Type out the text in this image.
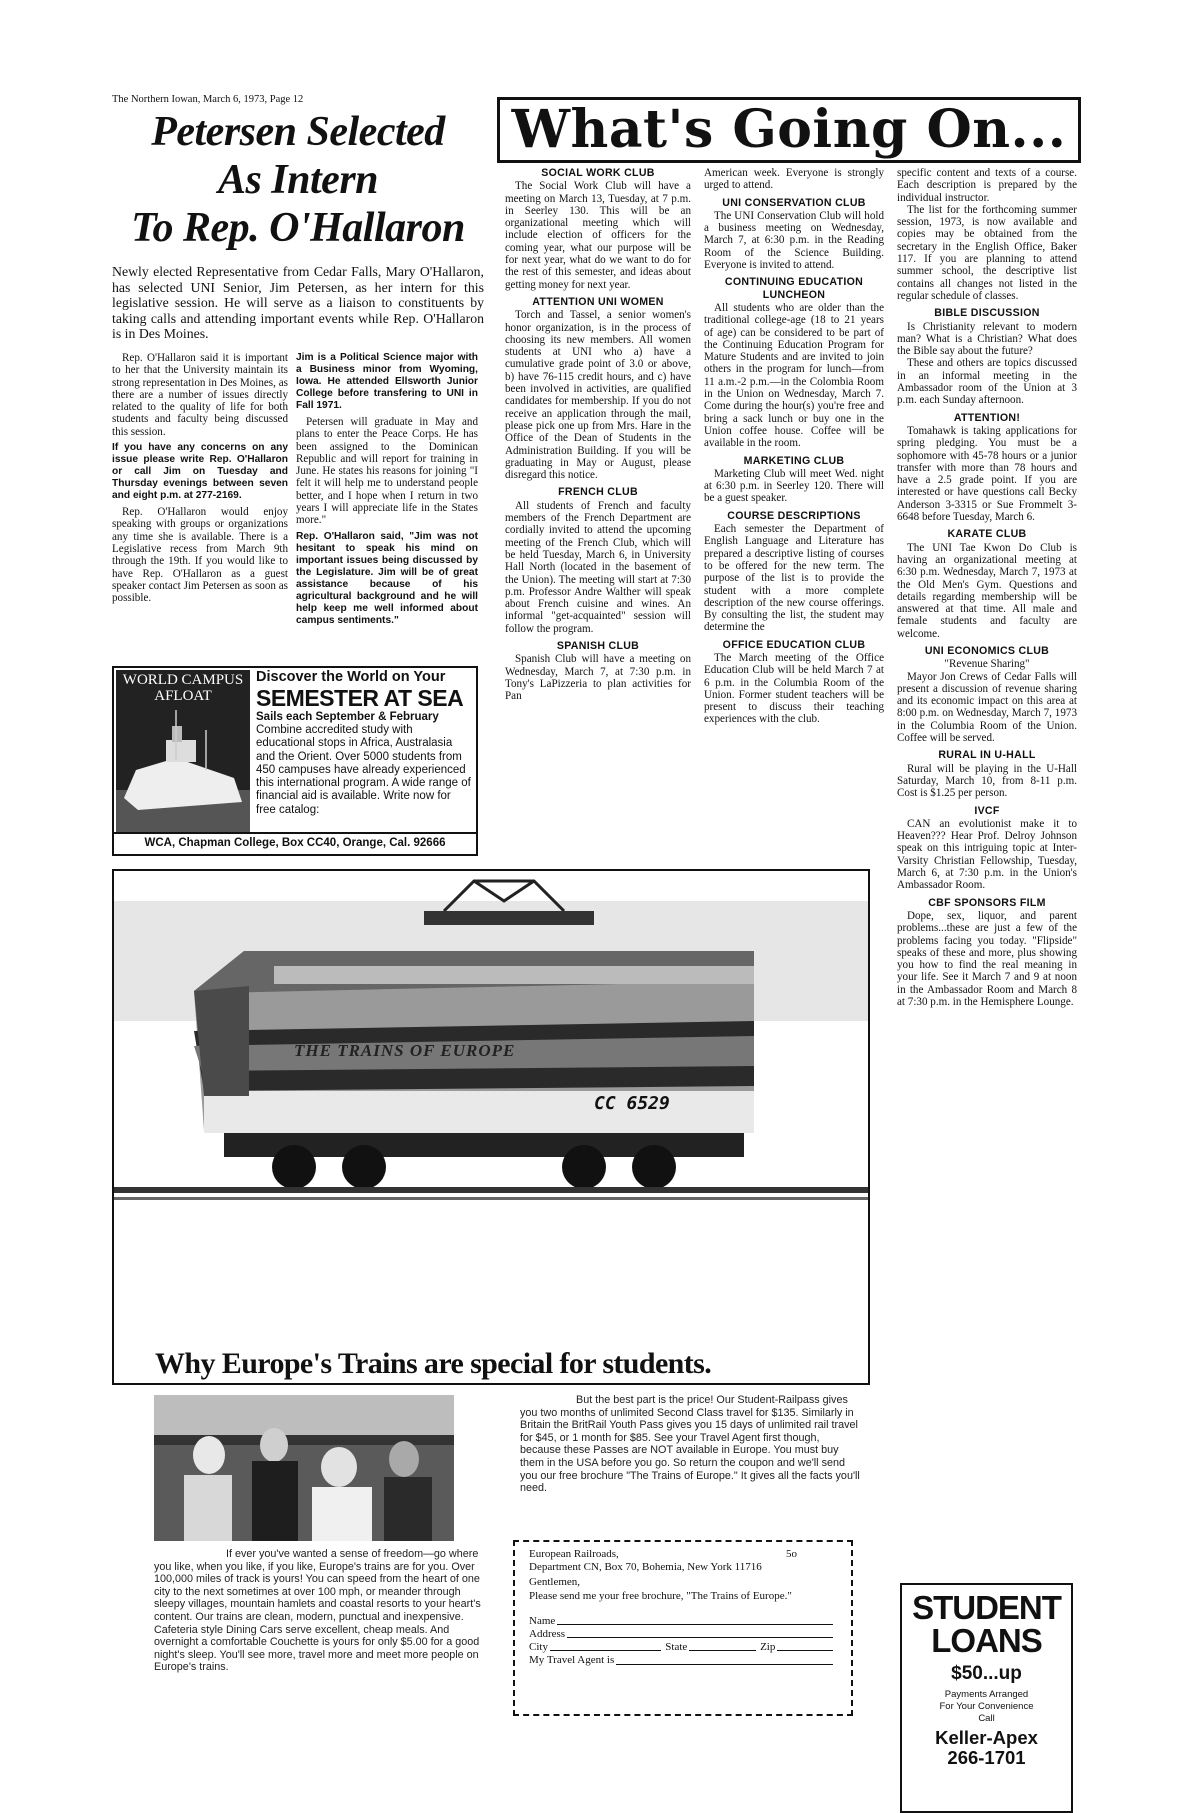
The Northern Iowan, March 6, 1973, Page 12
Petersen Selected
As Intern
To Rep. O'Hallaron
Newly elected Representative from Cedar Falls, Mary O'Hallaron, has selected UNI Senior, Jim Petersen, as her intern for this legislative session. He will serve as a liaison to constituents by taking calls and attending important events while Rep. O'Hallaron is in Des Moines.

Rep. O'Hallaron said it is important to her that the University maintain its strong representation in Des Moines, as there are a number of issues directly related to the quality of life for both students and faculty being discussed this session.

If you have any concerns on any issue please write Rep. O'Hallaron or call Jim on Tuesday and Thursday evenings between seven and eight p.m. at 277-2169.

Rep. O'Hallaron would enjoy speaking with groups or organizations any time she is available. There is a Legislative recess from March 9th through the 19th. If you would like to have Rep. O'Hallaron as a guest speaker contact Jim Petersen as soon as possible.

Jim is a Political Science major with a Business minor from Wyoming, Iowa. He attended Ellsworth Junior College before transfering to UNI in Fall 1971.

Petersen will graduate in May and plans to enter the Peace Corps. He has been assigned to the Dominican Republic and will report for training in June. He states his reasons for joining "I felt it will help me to understand people better, and I hope when I return in two years I will appreciate life in the States more."

Rep. O'Hallaron said, "Jim was not hesitant to speak his mind on important issues being discussed by the Legislature. Jim will be of great assistance because of his agricultural background and he will help keep me well informed about campus sentiments."

WORLD CAMPUS AFLOAT
Discover the World on Your
SEMESTER AT SEA
Sails each September & February
Combine accredited study with educational stops in Africa, Australasia and the Orient. Over 5000 students from 450 campuses have already experienced this international program. A wide range of financial aid is available. Write now for free catalog:
WCA, Chapman College, Box CC40, Orange, Cal. 92666
What's Going On...
SOCIAL WORK CLUB

The Social Work Club will have a meeting on March 13, Tuesday, at 7 p.m. in Seerley 130. This will be an organizational meeting which will include election of officers for the coming year, what our purpose will be for next year, what do we want to do for the rest of this semester, and ideas about getting money for next year.

ATTENTION UNI WOMEN

Torch and Tassel, a senior women's honor organization, is in the process of choosing its new members. All women students at UNI who a) have a cumulative grade point of 3.0 or above, b) have 76-115 credit hours, and c) have been involved in activities, are qualified candidates for membership. If you do not receive an application through the mail, please pick one up from Mrs. Hare in the Office of the Dean of Students in the Administration Building. If you will be graduating in May or August, please disregard this notice.

FRENCH CLUB

All students of French and faculty members of the French Department are cordially invited to attend the upcoming meeting of the French Club, which will be held Tuesday, March 6, in University Hall North (located in the basement of the Union). The meeting will start at 7:30 p.m. Professor Andre Walther will speak about French cuisine and wines. An informal "get-acquainted" session will follow the program.

SPANISH CLUB

Spanish Club will have a meeting on Wednesday, March 7, at 7:30 p.m. in Tony's LaPizzeria to plan activities for Pan

American week. Everyone is strongly urged to attend.

UNI CONSERVATION CLUB

The UNI Conservation Club will hold a business meeting on Wednesday, March 7, at 6:30 p.m. in the Reading Room of the Science Building. Everyone is invited to attend.

CONTINUING EDUCATION LUNCHEON

All students who are older than the traditional college-age (18 to 21 years of age) can be considered to be part of the Continuing Education Program for Mature Students and are invited to join others in the program for lunch—from 11 a.m.-2 p.m.—in the Colombia Room in the Union on Wednesday, March 7. Come during the hour(s) you're free and bring a sack lunch or buy one in the Union coffee house. Coffee will be available in the room.

MARKETING CLUB

Marketing Club will meet Wed. night at 6:30 p.m. in Seerley 120. There will be a guest speaker.

COURSE DESCRIPTIONS

Each semester the Department of English Language and Literature has prepared a descriptive listing of courses to be offered for the new term. The purpose of the list is to provide the student with a more complete description of the new course offerings. By consulting the list, the student may determine the

OFFICE EDUCATION CLUB

The March meeting of the Office Education Club will be held March 7 at 6 p.m. in the Columbia Room of the Union. Former student teachers will be present to discuss their teaching experiences with the club.

specific content and texts of a course. Each description is prepared by the individual instructor.

The list for the forthcoming summer session, 1973, is now available and copies may be obtained from the secretary in the English Office, Baker 117. If you are planning to attend summer school, the descriptive list contains all changes not listed in the regular schedule of classes.

BIBLE DISCUSSION

Is Christianity relevant to modern man? What is a Christian? What does the Bible say about the future?

These and others are topics discussed in an informal meeting in the Ambassador room of the Union at 3 p.m. each Sunday afternoon.

ATTENTION!

Tomahawk is taking applications for spring pledging. You must be a sophomore with 45-78 hours or a junior transfer with more than 78 hours and have a 2.5 grade point. If you are interested or have questions call Becky Anderson 3-3315 or Sue Frommelt 3-6648 before Tuesday, March 6.

KARATE CLUB

The UNI Tae Kwon Do Club is having an organizational meeting at 6:30 p.m. Wednesday, March 7, 1973 at the Old Men's Gym. Questions and details regarding membership will be answered at that time. All male and female students and faculty are welcome.

UNI ECONOMICS CLUB

"Revenue Sharing"

Mayor Jon Crews of Cedar Falls will present a discussion of revenue sharing and its economic impact on this area at 8:00 p.m. on Wednesday, March 7, 1973 in the Columbia Room of the Union. Coffee will be served.

RURAL IN U-HALL

Rural will be playing in the U-Hall Saturday, March 10, from 8-11 p.m. Cost is $1.25 per person.

IVCF

CAN an evolutionist make it to Heaven??? Hear Prof. Delroy Johnson speak on this intriguing topic at Inter-Varsity Christian Fellowship, Tuesday, March 6, at 7:30 p.m. in the Union's Ambassador Room.

CBF SPONSORS FILM

Dope, sex, liquor, and parent problems...these are just a few of the problems facing you today. "Flipside" speaks of these and more, plus showing you how to find the real meaning in your life. See it March 7 and 9 at noon in the Ambassador Room and March 8 at 7:30 p.m. in the Hemisphere Lounge.

THE TRAINS OF EUROPE
CC 6529
Why Europe's Trains are special for students.
If ever you've wanted a sense of freedom—go where you like, when you like, if you like, Europe's trains are for you. Over 100,000 miles of track is yours! You can speed from the heart of one city to the next sometimes at over 100 mph, or meander through sleepy villages, mountain hamlets and coastal resorts to your heart's content. Our trains are clean, modern, punctual and inexpensive. Cafeteria style Dining Cars serve excellent, cheap meals. And overnight a comfortable Couchette is yours for only $5.00 for a good night's sleep. You'll see more, travel more and meet more people on Europe's trains.
But the best part is the price! Our Student-Railpass gives you two months of unlimited Second Class travel for $135. Similarly in Britain the BritRail Youth Pass gives you 15 days of unlimited rail travel for $45, or 1 month for $85. See your Travel Agent first though, because these Passes are NOT available in Europe. You must buy them in the USA before you go. So return the coupon and we'll send you our free brochure "The Trains of Europe." It gives all the facts you'll need.
European Railroads,	5o
Department CN, Box 70, Bohemia, New York 11716
Gentlemen,
Please send me your free brochure, "The Trains of Europe."
Name
Address
City	State	Zip
My Travel Agent is
STUDENT
LOANS
$50...up
Payments Arranged
For Your Convenience
Call
Keller-Apex
266-1701
